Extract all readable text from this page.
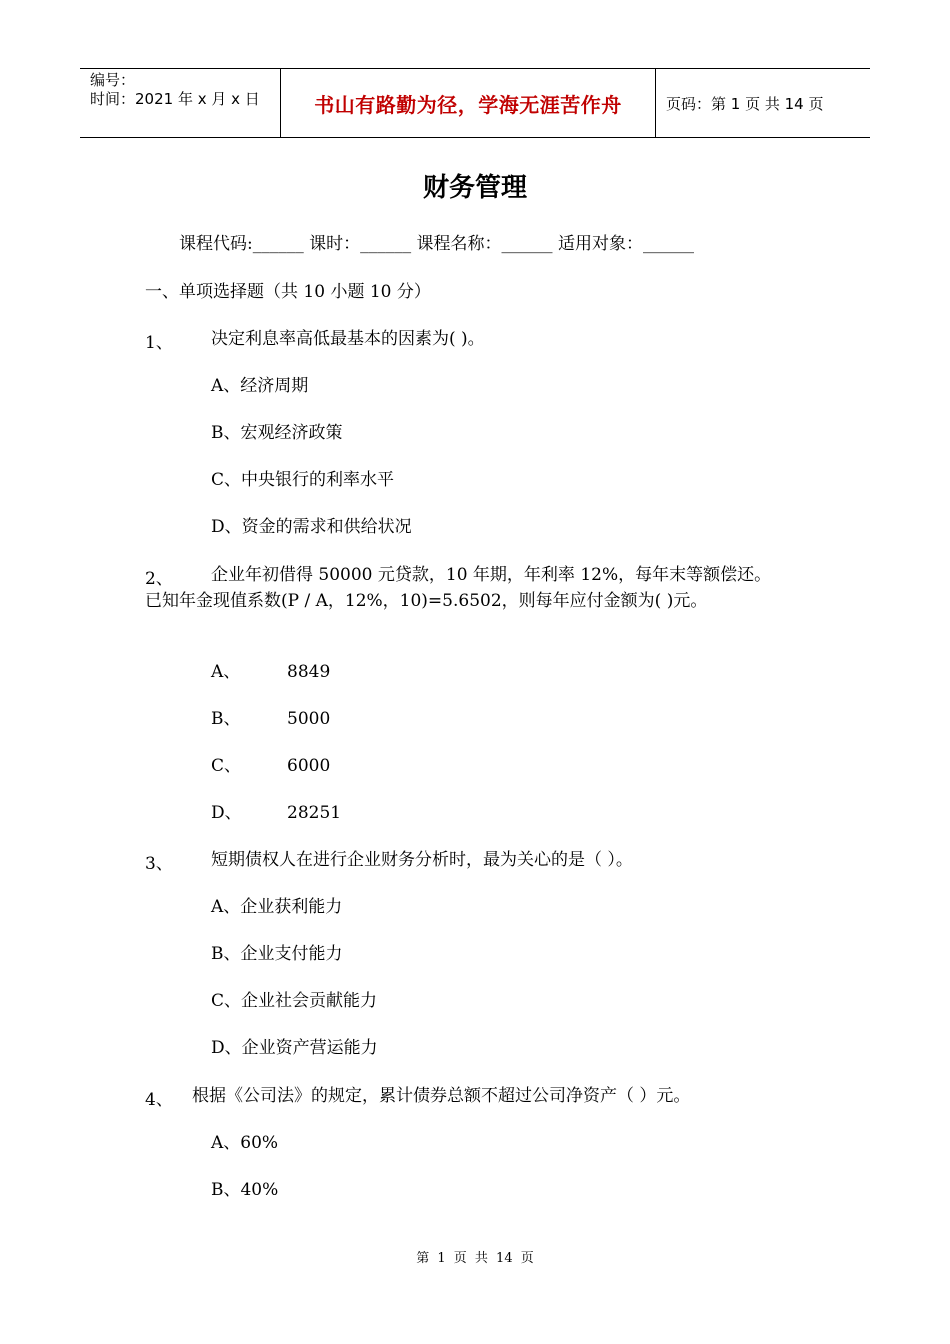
编号：
时间：2021 年 x 月 x 日	书山有路勤为径，学海无涯苦作舟	页码：第 1 页 共 14 页
财务管理
课程代码:______ 课时：______ 课程名称：______ 适用对象：______
一、单项选择题（共 10 小题 10 分）
1、 决定利息率高低最基本的因素为( )。
A、经济周期
B、宏观经济政策
C、中央银行的利率水平
D、资金的需求和供给状况
2、 企业年初借得 50000 元贷款，10 年期，年利率 12%，每年末等额偿还。
已知年金现值系数(P / A，12%，10)=5.6502，则每年应付金额为( )元。
A、	8849
B、	5000
C、	6000
D、	28251
3、 短期债权人在进行企业财务分析时，最为关心的是（ ）。
A、企业获利能力
B、企业支付能力
C、企业社会贡献能力
D、企业资产营运能力
4、 根据《公司法》的规定，累计债券总额不超过公司净资产（ ）元。
A、60%
B、40%
第 1 页 共 14 页
